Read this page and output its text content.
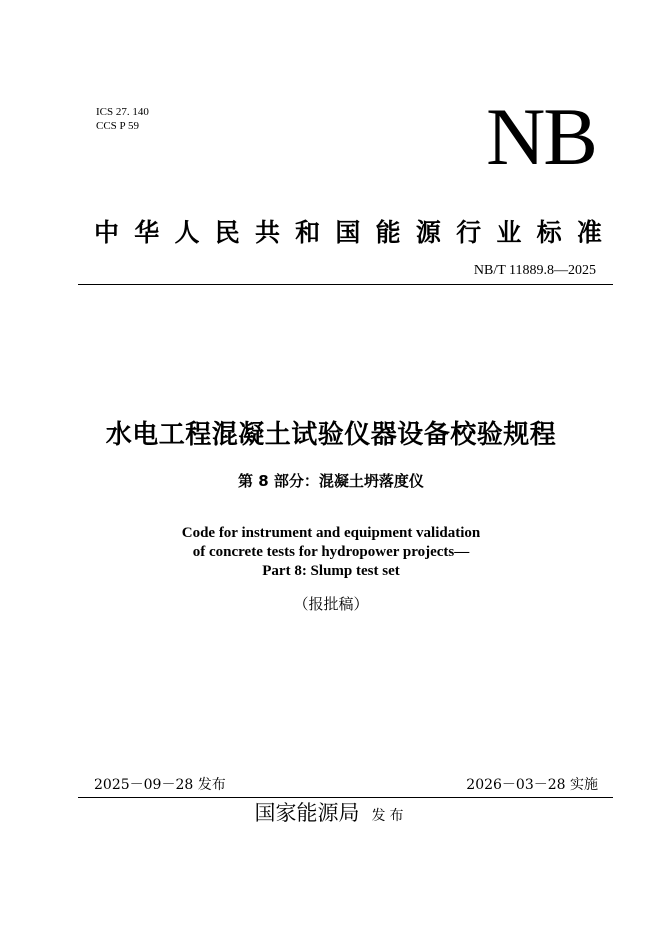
ICS 27. 140
CCS P 59	NB
中 华 人 民 共 和 国 能 源 行 业 标 准
NB/T 11889.8—2025
水电工程混凝土试验仪器设备校验规程
第 8 部分：混凝土坍落度仪
Code for instrument and equipment validation
of concrete tests for hydropower projects—
Part 8: Slump test set
（报批稿）
2025－09－28 发布	2026－03－28 实施
国家能源局 发布
